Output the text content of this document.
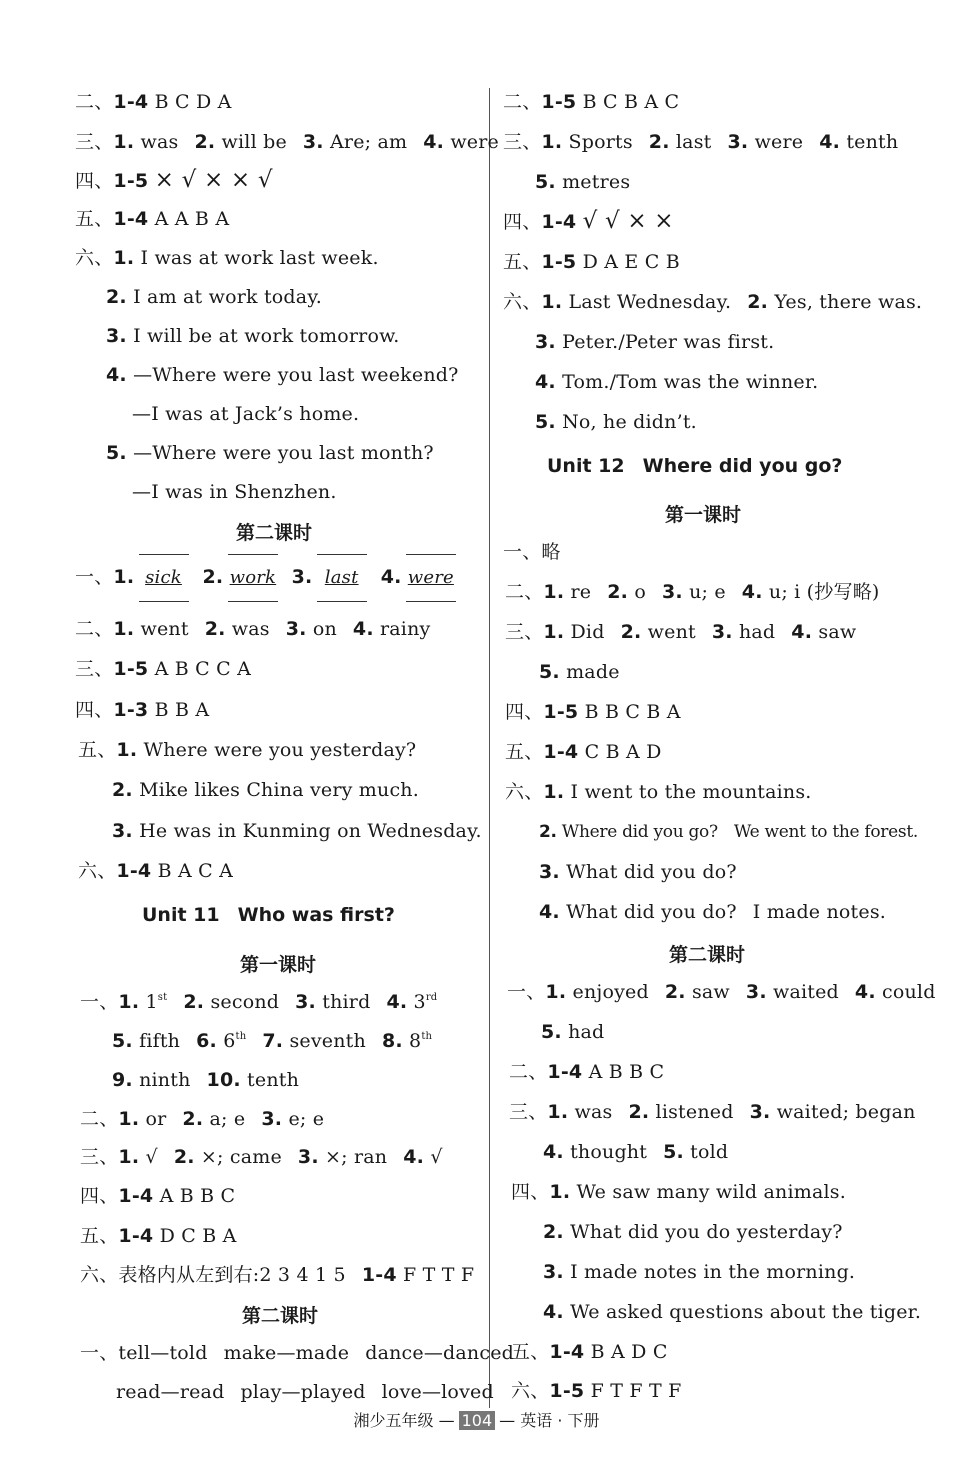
二、1-4 B C D A
三、1. was 2. will be 3. Are; am 4. were
四、1-5 × √ × × √
五、1-4 A A B A
六、1. I was at work last week.
2. I am at work today.
3. I will be at work tomorrow.
4. —Where were you last weekend?
—I was at Jack’s home.
5. —Where were you last month?
—I was in Shenzhen.
第二课时
一、1. sick 2. work 3. last 4. were
二、1. went 2. was 3. on 4. rainy
三、1-5 A B C C A
四、1-3 B B A
五、1. Where were you yesterday?
2. Mike likes China very much.
3. He was in Kunming on Wednesday.
六、1-4 B A C A
Unit 11 Who was first?
第一课时
一、1. 1st 2. second 3. third 4. 3rd
5. fifth 6. 6th 7. seventh 8. 8th
9. ninth 10. tenth
二、1. or 2. a; e 3. e; e
三、1. √ 2. ×; came 3. ×; ran 4. √
四、1-4 A B B C
五、1-4 D C B A
六、表格内从左到右:2 3 4 1 5 1-4 F T T F
第二课时
一、tell—told make—made dance—danced
read—read play—played love—loved
二、1-5 B C B A C
三、1. Sports 2. last 3. were 4. tenth
5. metres
四、1-4 √ √ × ×
五、1-5 D A E C B
六、1. Last Wednesday. 2. Yes, there was.
3. Peter./Peter was first.
4. Tom./Tom was the winner.
5. No, he didn’t.
Unit 12 Where did you go?
第一课时
一、略
二、1. re 2. o 3. u; e 4. u; i (抄写略)
三、1. Did 2. went 3. had 4. saw
5. made
四、1-5 B B C B A
五、1-4 C B A D
六、1. I went to the mountains.
2. Where did you go? We went to the forest.
3. What did you do?
4. What did you do? I made notes.
第二课时
一、1. enjoyed 2. saw 3. waited 4. could
5. had
二、1-4 A B B C
三、1. was 2. listened 3. waited; began
4. thought 5. told
四、1. We saw many wild animals.
2. What did you do yesterday?
3. I made notes in the morning.
4. We asked questions about the tiger.
五、1-4 B A D C
六、1-5 F T F T F
湘少五年级 — 104 — 英语 · 下册
